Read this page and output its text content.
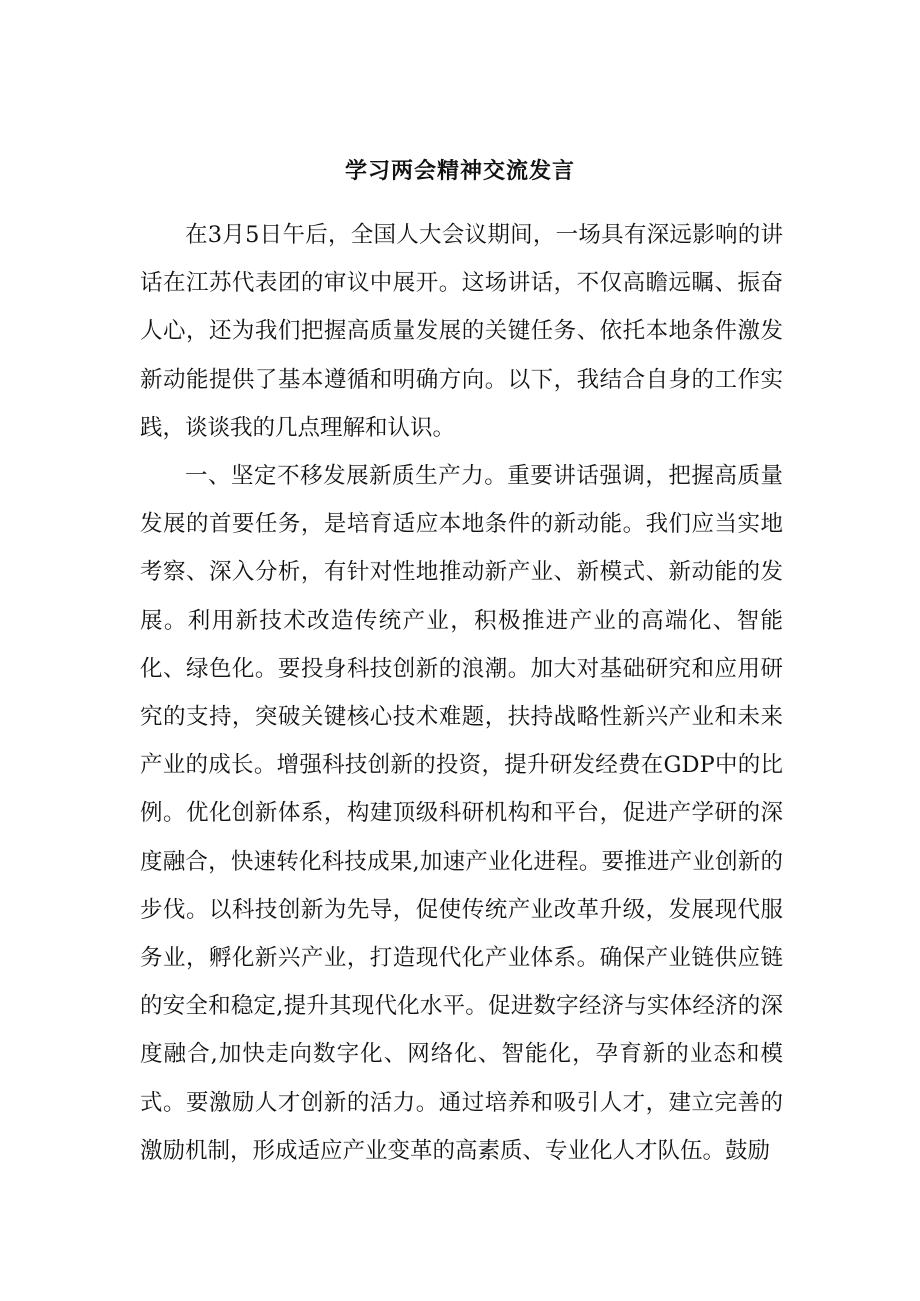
学习两会精神交流发言

在3月5日午后，全国人大会议期间，一场具有深远影响的讲话在江苏代表团的审议中展开。这场讲话，不仅高瞻远瞩、振奋人心，还为我们把握高质量发展的关键任务、依托本地条件激发新动能提供了基本遵循和明确方向。以下，我结合自身的工作实践，谈谈我的几点理解和认识。

一、坚定不移发展新质生产力。重要讲话强调，把握高质量发展的首要任务，是培育适应本地条件的新动能。我们应当实地考察、深入分析，有针对性地推动新产业、新模式、新动能的发展。利用新技术改造传统产业，积极推进产业的高端化、智能化、绿色化。要投身科技创新的浪潮。加大对基础研究和应用研究的支持，突破关键核心技术难题，扶持战略性新兴产业和未来产业的成长。增强科技创新的投资，提升研发经费在GDP中的比例。优化创新体系，构建顶级科研机构和平台，促进产学研的深度融合，快速转化科技成果,加速产业化进程。要推进产业创新的步伐。以科技创新为先导，促使传统产业改革升级，发展现代服务业，孵化新兴产业，打造现代化产业体系。确保产业链供应链的安全和稳定,提升其现代化水平。促进数字经济与实体经济的深度融合,加快走向数字化、网络化、智能化，孕育新的业态和模式。要激励人才创新的活力。通过培养和吸引人才，建立完善的激励机制，形成适应产业变革的高素质、专业化人才队伍。鼓励
